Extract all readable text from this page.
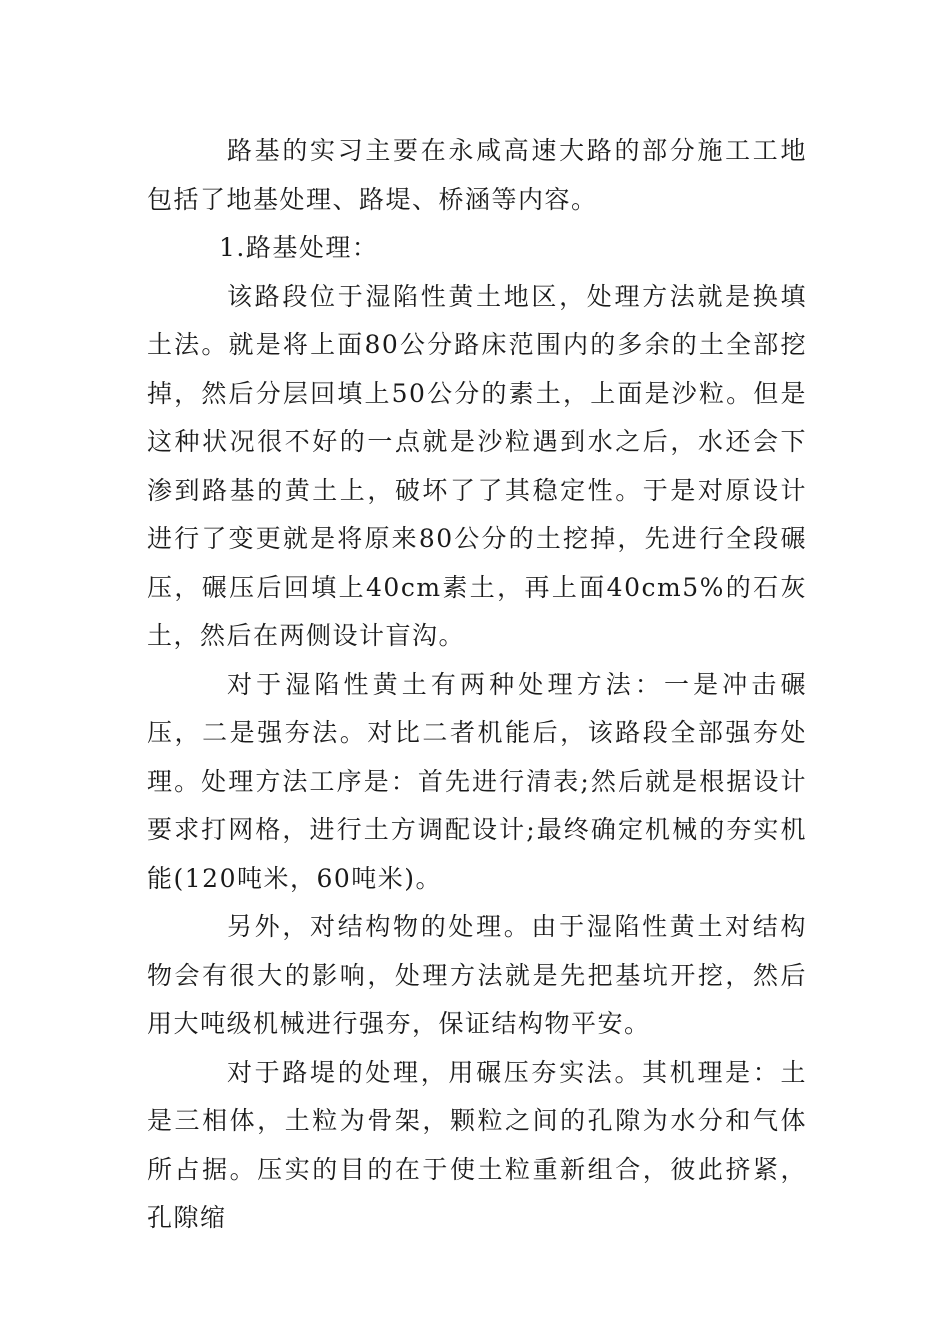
路基的实习主要在永咸高速大路的部分施工工地包括了地基处理、路堤、桥涵等内容。

1.路基处理：

该路段位于湿陷性黄土地区，处理方法就是换填土法。就是将上面80公分路床范围内的多余的土全部挖掉，然后分层回填上50公分的素土，上面是沙粒。但是这种状况很不好的一点就是沙粒遇到水之后，水还会下渗到路基的黄土上，破坏了了其稳定性。于是对原设计进行了变更就是将原来80公分的土挖掉，先进行全段碾压，碾压后回填上40cm素土，再上面40cm5%的石灰土，然后在两侧设计盲沟。

对于湿陷性黄土有两种处理方法：一是冲击碾压，二是强夯法。对比二者机能后，该路段全部强夯处理。处理方法工序是：首先进行清表;然后就是根据设计要求打网格，进行土方调配设计;最终确定机械的夯实机能(120吨米，60吨米)。

另外，对结构物的处理。由于湿陷性黄土对结构物会有很大的影响，处理方法就是先把基坑开挖，然后用大吨级机械进行强夯，保证结构物平安。

对于路堤的处理，用碾压夯实法。其机理是：土是三相体，土粒为骨架，颗粒之间的孔隙为水分和气体所占据。压实的目的在于使土粒重新组合，彼此挤紧，孔隙缩
